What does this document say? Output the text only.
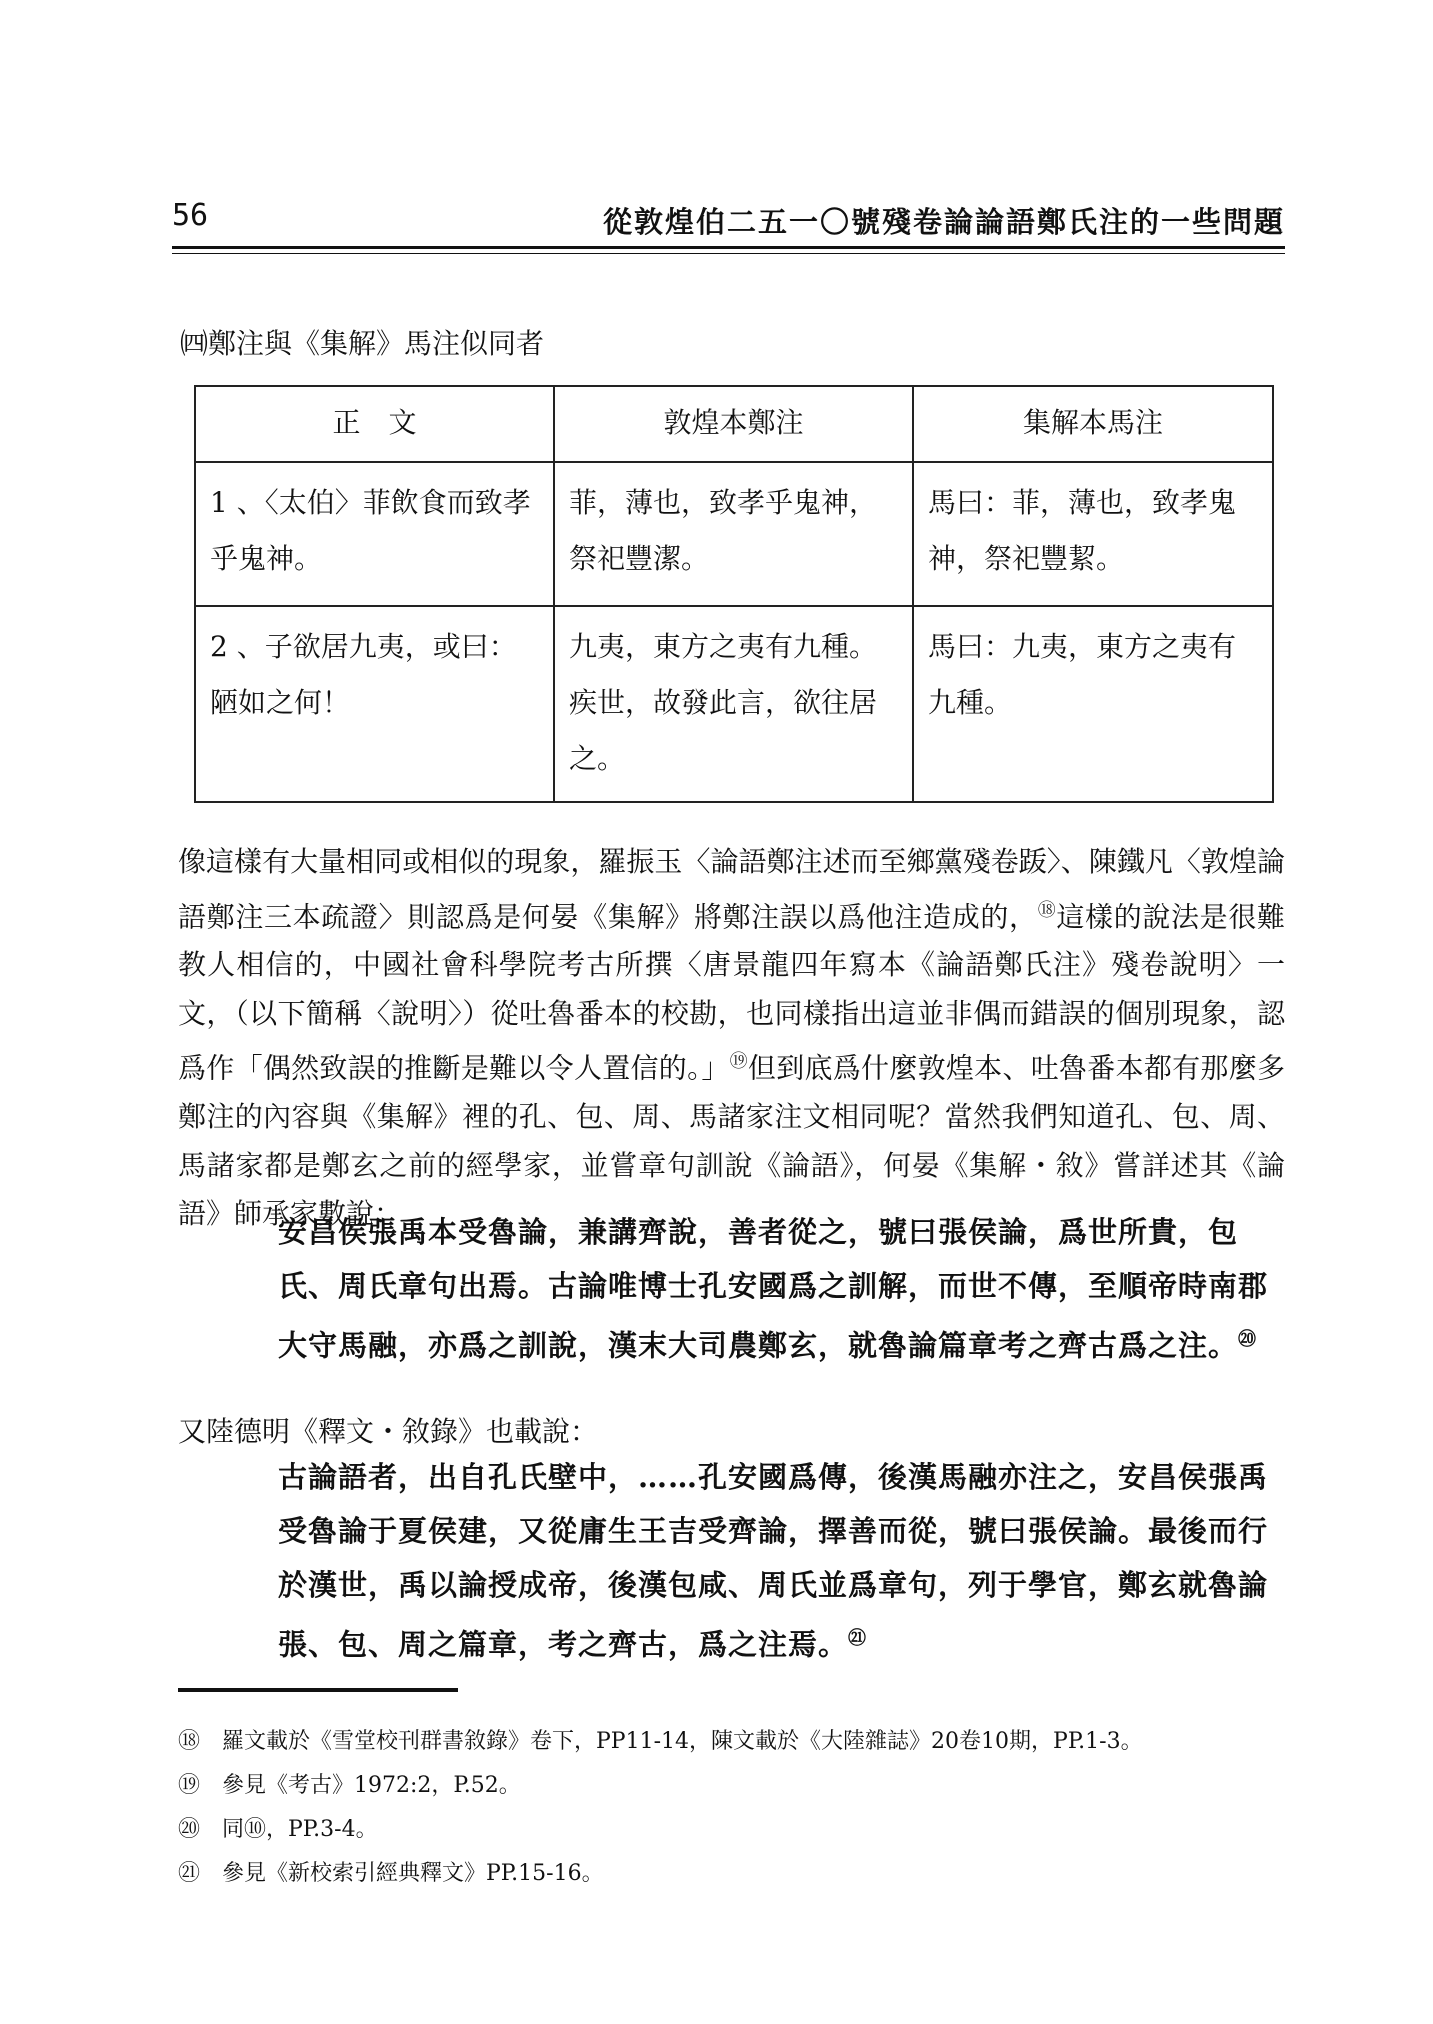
56	從敦煌伯二五一〇號殘卷論論語鄭氏注的一些問題
㈣鄭注與《集解》馬注似同者
正　文	敦煌本鄭注	集解本馬注
1 、〈太伯〉菲飲食而致孝乎鬼神。	菲，薄也，致孝乎鬼神，祭祀豐潔。	馬曰：菲，薄也，致孝鬼神，祭祀豐絜。
2 、子欲居九夷，或曰：陋如之何！	九夷，東方之夷有九種。疾世，故發此言，欲往居之。	馬曰：九夷，東方之夷有九種。
像這樣有大量相同或相似的現象，羅振玉〈論語鄭注述而至鄉黨殘卷䟦〉、陳鐵凡〈敦煌論語鄭注三本疏證〉則認爲是何晏《集解》將鄭注誤以爲他注造成的，⑱這樣的說法是很難教人相信的，中國社會科學院考古所撰〈唐景龍四年寫本《論語鄭氏注》殘卷說明〉一文，（以下簡稱〈說明〉）從吐魯番本的校勘，也同樣指出這並非偶而錯誤的個別現象，認爲作「偶然致誤的推斷是難以令人置信的。」⑲但到底爲什麼敦煌本、吐魯番本都有那麼多鄭注的內容與《集解》裡的孔、包、周、馬諸家注文相同呢？當然我們知道孔、包、周、馬諸家都是鄭玄之前的經學家，並嘗章句訓說《論語》，何晏《集解・敘》嘗詳述其《論語》師承家數說：
安昌侯張禹本受魯論，兼講齊說，善者從之，號曰張侯論，爲世所貴，包氏、周氏章句出焉。古論唯博士孔安國爲之訓解，而世不傳，至順帝時南郡大守馬融，亦爲之訓說，漢末大司農鄭玄，就魯論篇章考之齊古爲之注。⑳
又陸德明《釋文・敘錄》也載說：
古論語者，出自孔氏壁中，……孔安國爲傳，後漢馬融亦注之，安昌侯張禹受魯論于夏侯建，又從庸生王吉受齊論，擇善而從，號曰張侯論。最後而行於漢世，禹以論授成帝，後漢包咸、周氏並爲章句，列于學官，鄭玄就魯論張、包、周之篇章，考之齊古，爲之注焉。$^㉑$
⑱ 羅文載於《雪堂校刊群書敘錄》卷下，PP11-14，陳文載於《大陸雜誌》20卷10期，PP.1-3。
⑲ 參見《考古》1972:2，P.52。
⑳ 同⑩，PP.3-4。
㉑ 參見《新校索引經典釋文》PP.15-16。
